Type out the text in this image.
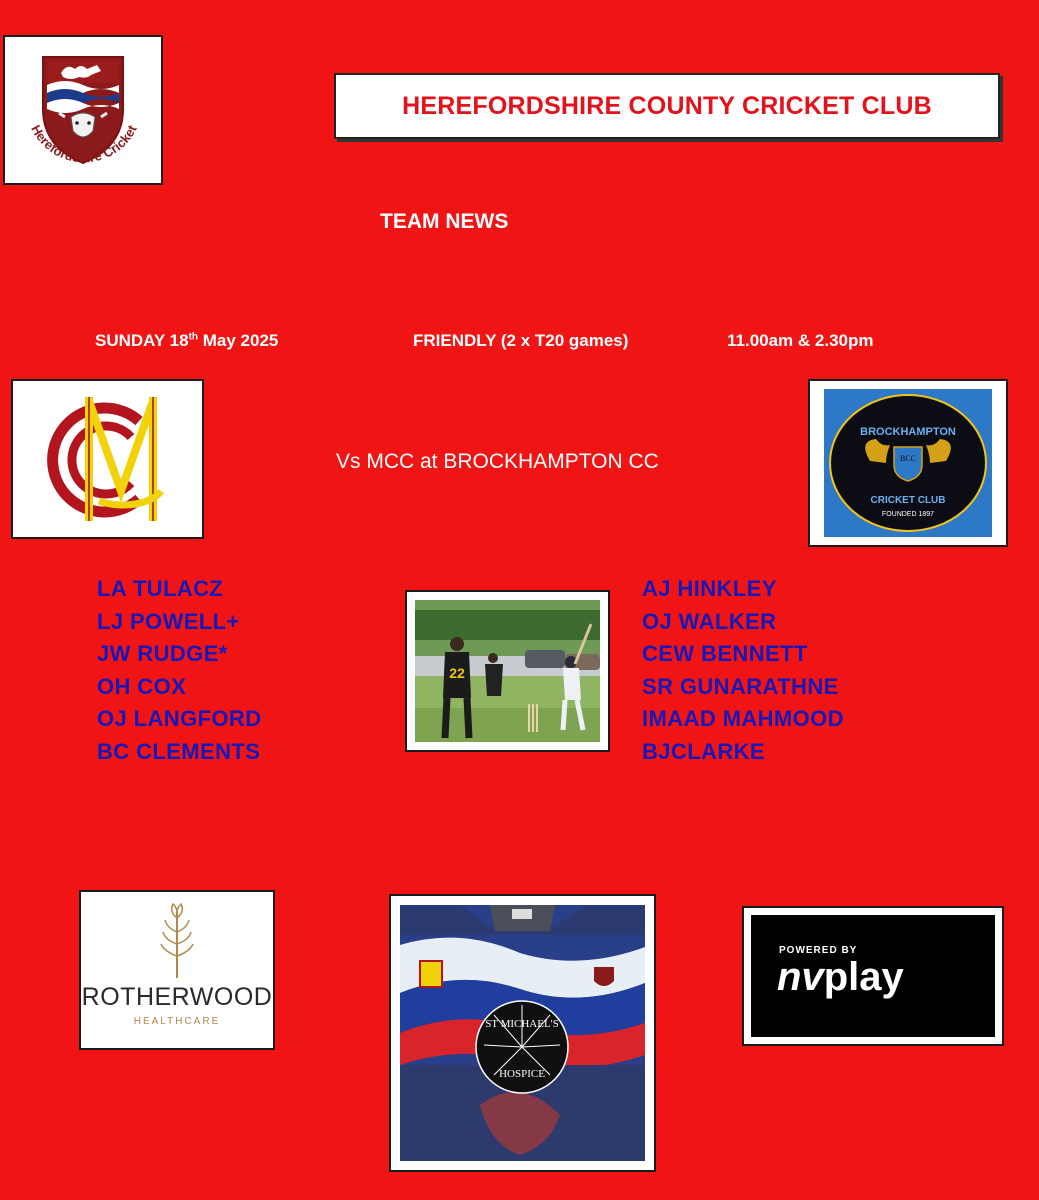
Herefordshire Cricket
HEREFORDSHIRE COUNTY CRICKET CLUB
TEAM NEWS
SUNDAY 18th May 2025	FRIENDLY (2 x T20 games)	11.00am & 2.30pm
Vs MCC at BROCKHAMPTON CC
BROCKHAMPTON
BCC
CRICKET CLUB
FOUNDED 1897
LA TULACZ
LJ POWELL+
JW RUDGE*
OH COX
OJ LANGFORD
BC CLEMENTS
22
AJ HINKLEY
OJ WALKER
CEW BENNETT
SR GUNARATHNE
IMAAD MAHMOOD
BJCLARKE
ROTHERWOOD
HEALTHCARE	ST MICHAEL'S
HOSPICE
POWERED BY
nvplay
